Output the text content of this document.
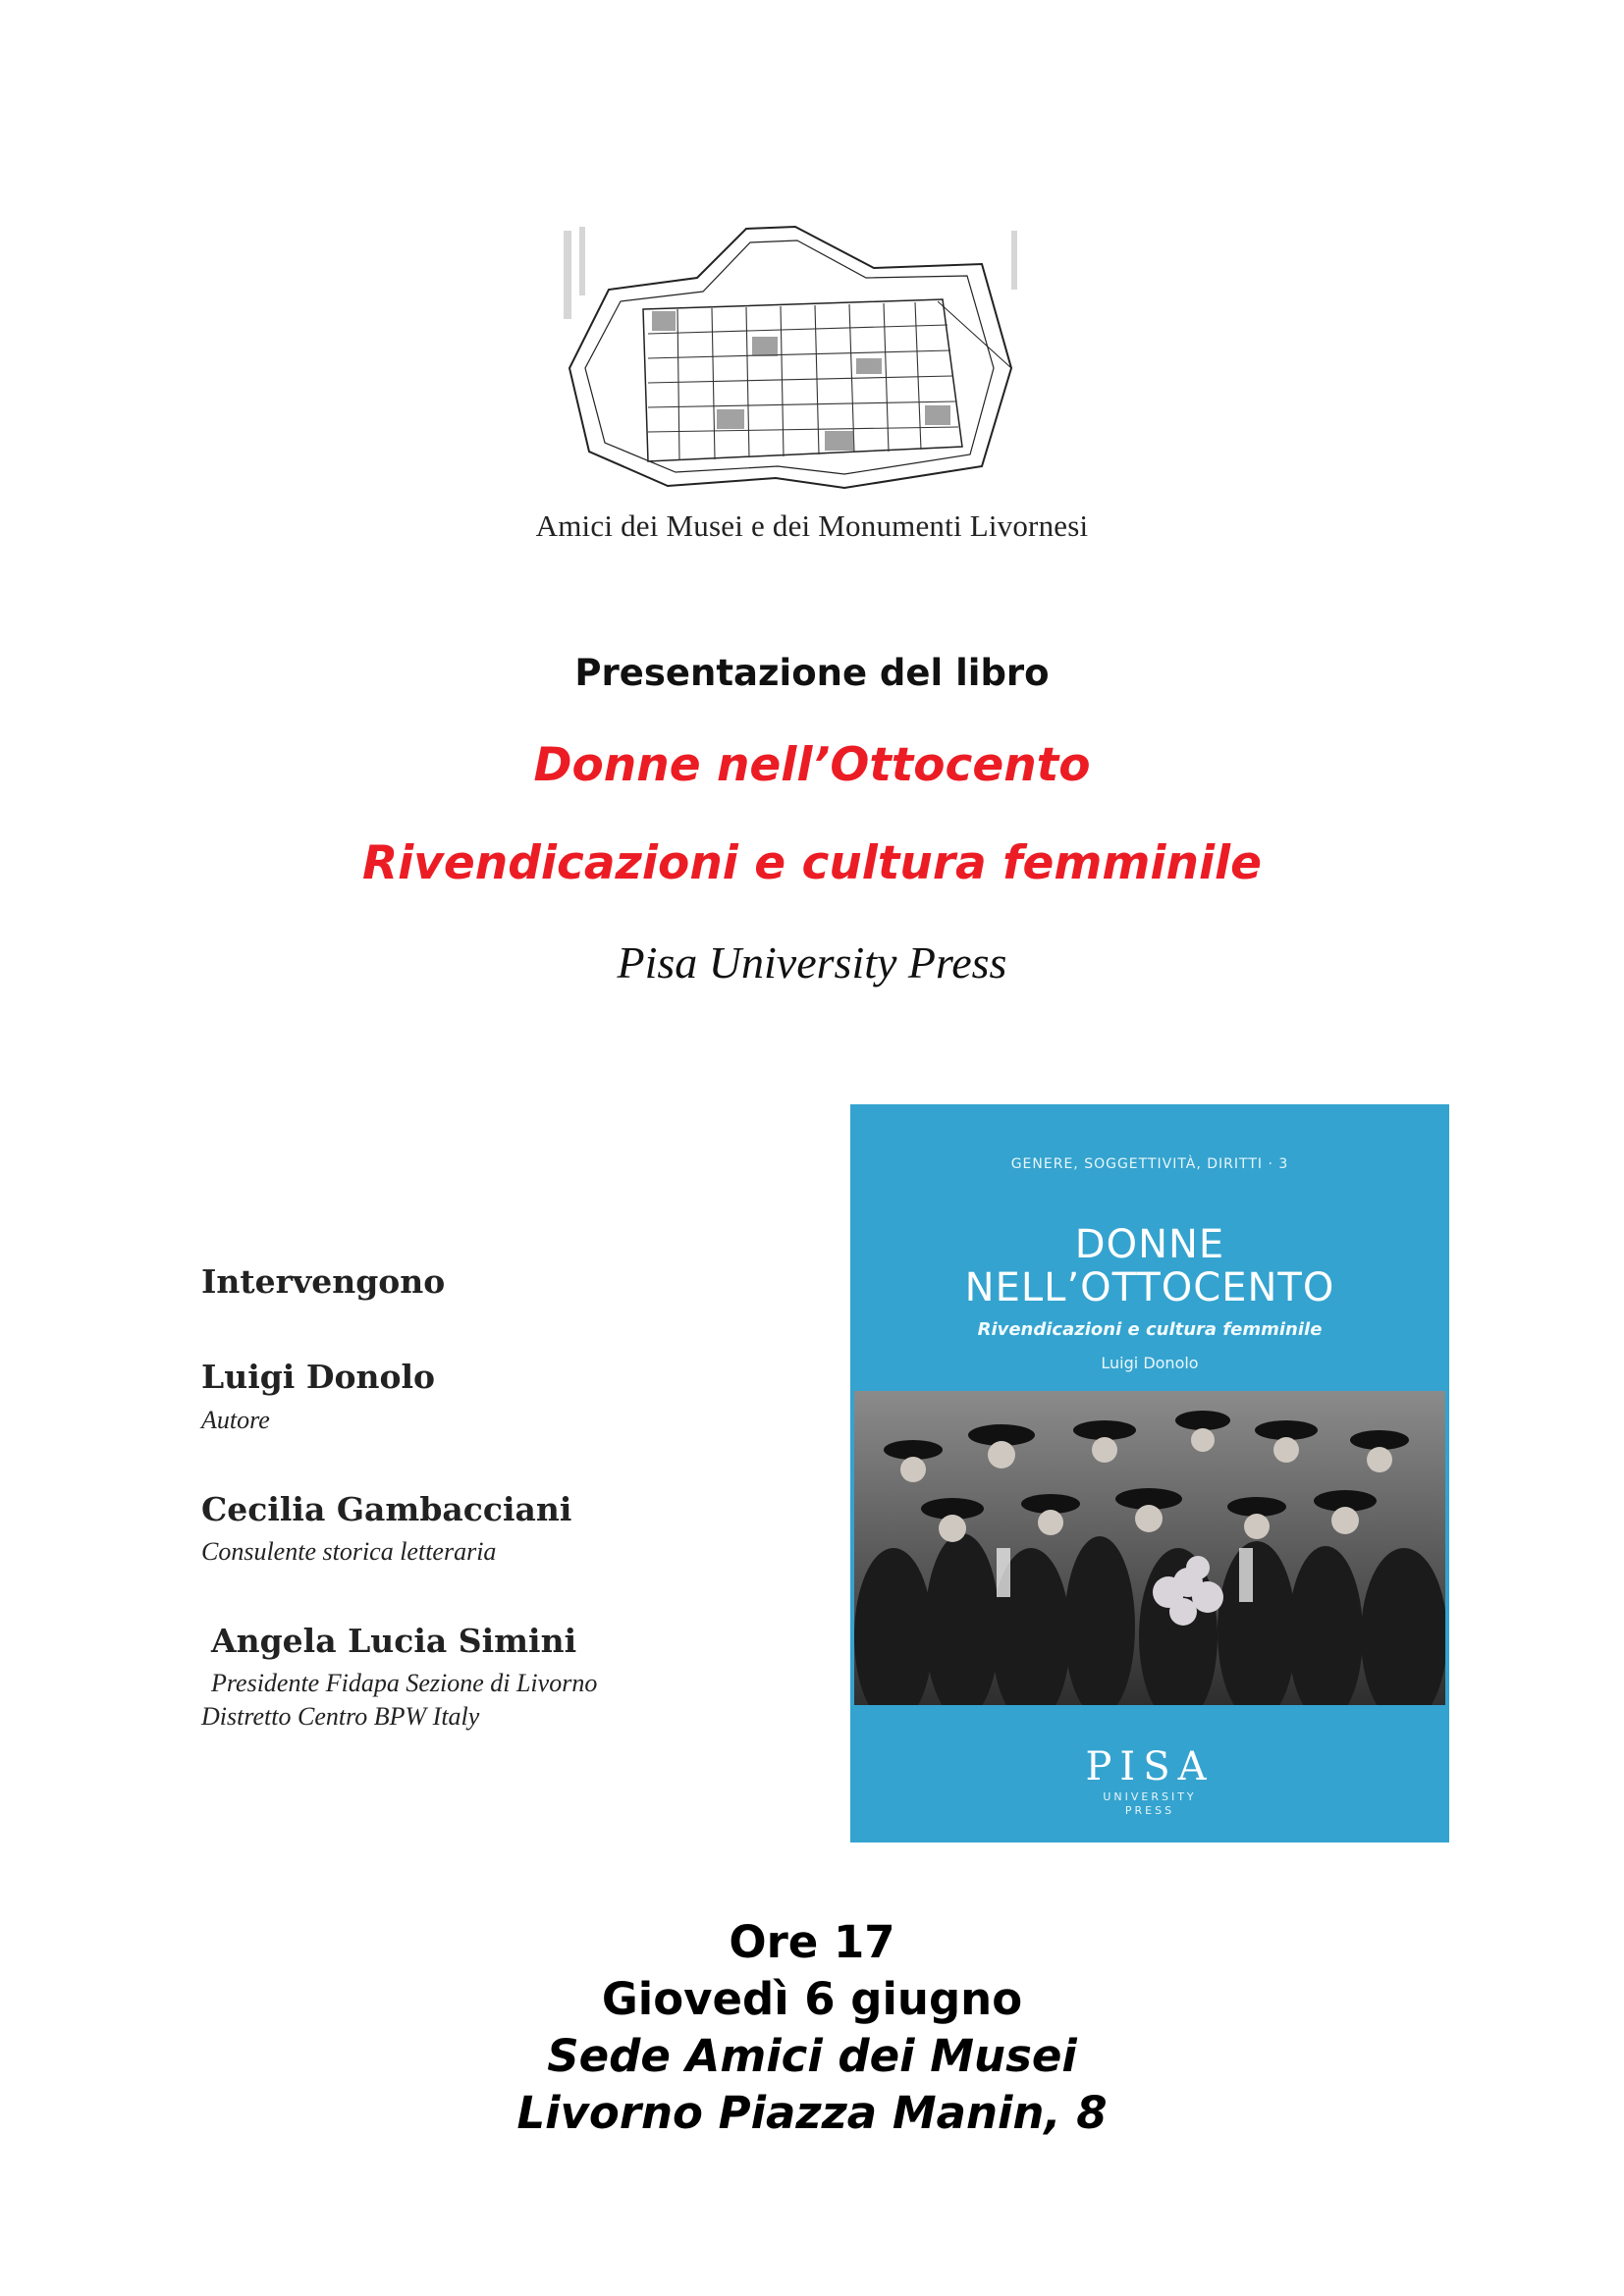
Amici dei Musei e dei Monumenti Livornesi
Presentazione del libro
Donne nell’Ottocento
Rivendicazioni e cultura femminile
Pisa University Press
Intervengono
Luigi Donolo
Autore
Cecilia Gambacciani
Consulente storica letteraria
Angela Lucia Simini
Presidente Fidapa Sezione di Livorno
Distretto Centro BPW Italy
GENERE, SOGGETTIVITÀ, DIRITTI · 3
DONNE
NELL’OTTOCENTO
Rivendicazioni e cultura femminile
Luigi Donolo
PISA
UNIVERSITY
PRESS
Ore 17
Giovedì 6 giugno
Sede Amici dei Musei
Livorno Piazza Manin, 8
